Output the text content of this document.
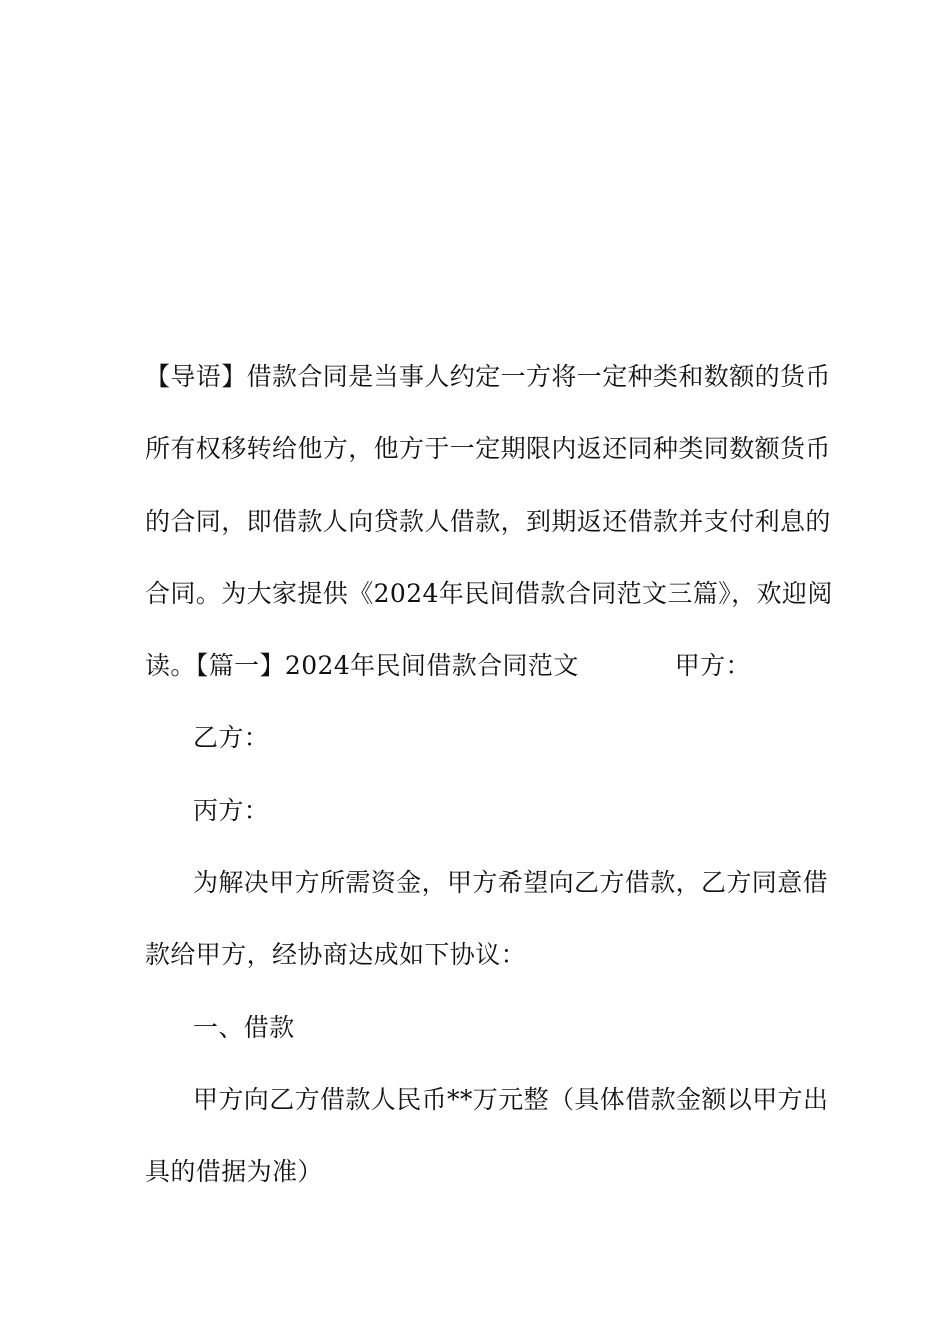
【导语】借款合同是当事人约定一方将一定种类和数额的货币
所有权移转给他方，他方于一定期限内返还同种类同数额货币
的合同，即借款人向贷款人借款，到期返还借款并支付利息的
合同。为大家提供《2024年民间借款合同范文三篇》，欢迎阅
读。【篇一】2024年民间借款合同范文	甲方：
乙方：
丙方：
为解决甲方所需资金，甲方希望向乙方借款，乙方同意借
款给甲方，经协商达成如下协议：
一、借款
甲方向乙方借款人民币**万元整（具体借款金额以甲方出
具的借据为准）
